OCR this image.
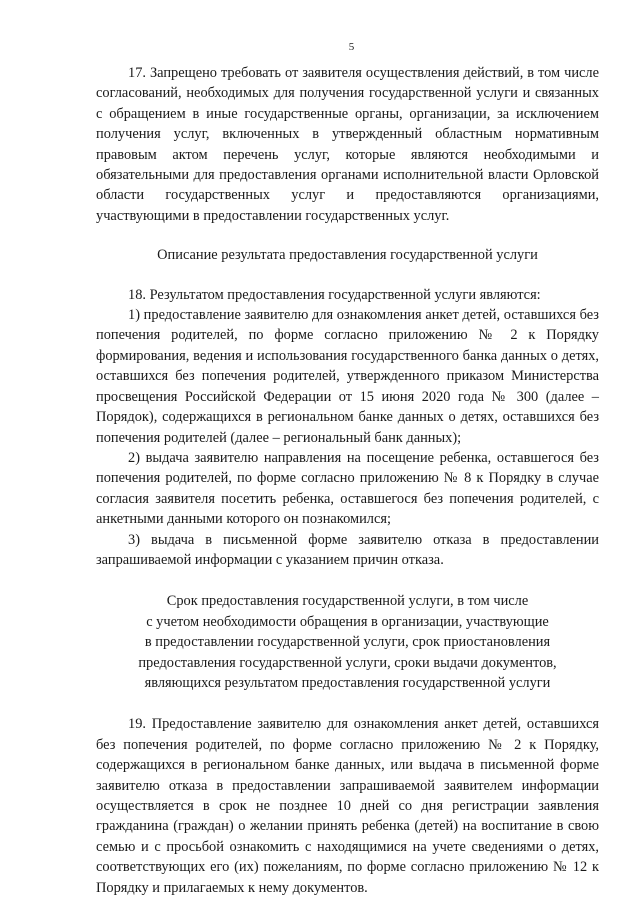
5

17. Запрещено требовать от заявителя осуществления действий, в том числе согласований, необходимых для получения государственной услуги и связанных с обращением в иные государственные органы, организации, за исключением получения услуг, включенных в утвержденный областным нормативным правовым актом перечень услуг, которые являются необходимыми и обязательными для предоставления органами исполнительной власти Орловской области государственных услуг и предоставляются организациями, участвующими в предоставлении государственных услуг.

Описание результата предоставления государственной услуги

18. Результатом предоставления государственной услуги являются:

1) предоставление заявителю для ознакомления анкет детей, оставшихся без попечения родителей, по форме согласно приложению № 2 к Порядку формирования, ведения и использования государственного банка данных о детях, оставшихся без попечения родителей, утвержденного приказом Министерства просвещения Российской Федерации от 15 июня 2020 года № 300 (далее – Порядок), содержащихся в региональном банке данных о детях, оставшихся без попечения родителей (далее – региональный банк данных);

2) выдача заявителю направления на посещение ребенка, оставшегося без попечения родителей, по форме согласно приложению № 8 к Порядку в случае согласия заявителя посетить ребенка, оставшегося без попечения родителей, с анкетными данными которого он познакомился;

3) выдача в письменной форме заявителю отказа в предоставлении запрашиваемой информации с указанием причин отказа.

Срок предоставления государственной услуги, в том числе

с учетом необходимости обращения в организации, участвующие

в предоставлении государственной услуги, срок приостановления

предоставления государственной услуги, сроки выдачи документов,

являющихся результатом предоставления государственной услуги

19. Предоставление заявителю для ознакомления анкет детей, оставшихся без попечения родителей, по форме согласно приложению № 2 к Порядку, содержащихся в региональном банке данных, или выдача в письменной форме заявителю отказа в предоставлении запрашиваемой заявителем информации осуществляется в срок не позднее 10 дней со дня регистрации заявления гражданина (граждан) о желании принять ребенка (детей) на воспитание в свою семью и с просьбой ознакомить с находящимися на учете сведениями о детях, соответствующих его (их) пожеланиям, по форме согласно приложению № 12 к Порядку и прилагаемых к нему документов.
